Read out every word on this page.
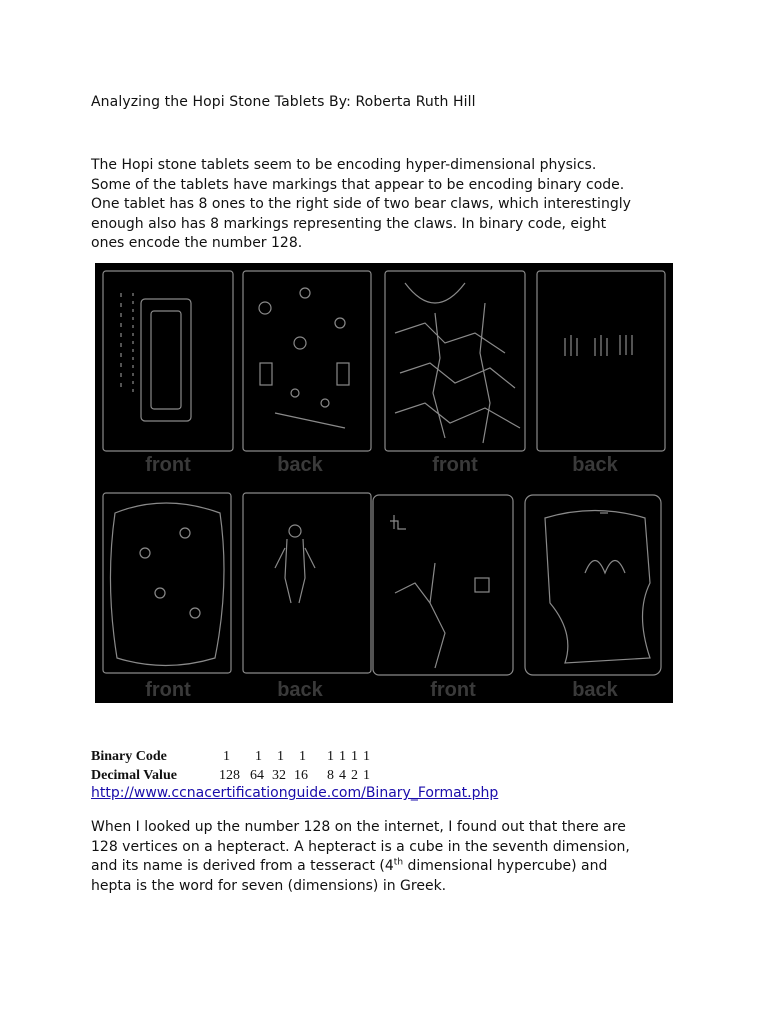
Analyzing the Hopi Stone Tablets By: Roberta Ruth Hill
The Hopi stone tablets seem to be encoding hyper-dimensional physics.
Some of the tablets have markings that appear to be encoding binary code.
One tablet has 8 ones to the right side of two bear claws, which interestingly
enough also has 8 markings representing the claws. In binary code, eight
ones encode the number 128.
front	back	front	back
front	back	front	back
Binary Code	1 1 1 1 1 1 1 1
Decimal Value	128 64 32 16 8 4 2 1
http://www.ccnacertificationguide.com/Binary_Format.php
When I looked up the number 128 on the internet, I found out that there are
128 vertices on a hepteract. A hepteract is a cube in the seventh dimension,
and its name is derived from a tesseract (4th dimensional hypercube) and
hepta is the word for seven (dimensions) in Greek.
